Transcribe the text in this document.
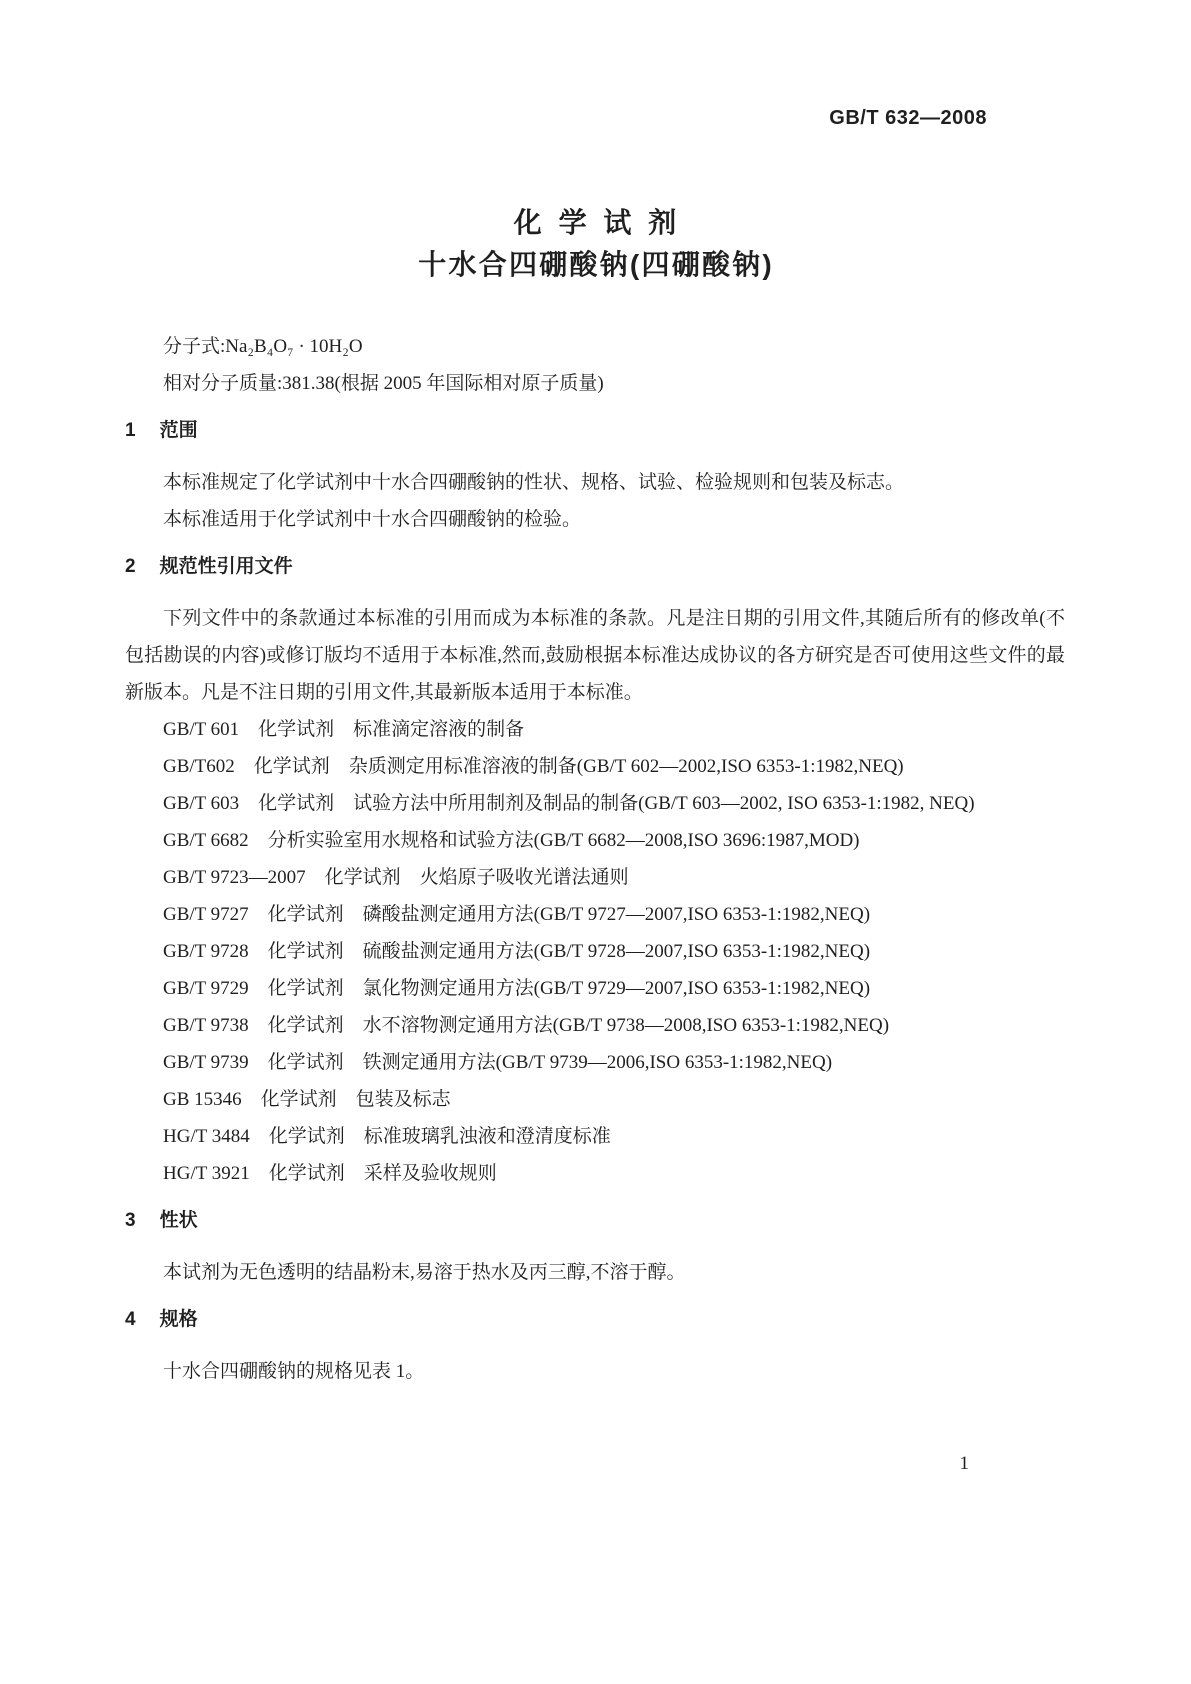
GB/T 632—2008
化学试剂
十水合四硼酸钠(四硼酸钠)

分子式:Na₂B₄O₇ · 10H₂O

相对分子质量:381.38(根据 2005 年国际相对原子质量)

1 范围

本标准规定了化学试剂中十水合四硼酸钠的性状、规格、试验、检验规则和包装及标志。

本标准适用于化学试剂中十水合四硼酸钠的检验。

2 规范性引用文件

下列文件中的条款通过本标准的引用而成为本标准的条款。凡是注日期的引用文件,其随后所有的修改单(不包括勘误的内容)或修订版均不适用于本标准,然而,鼓励根据本标准达成协议的各方研究是否可使用这些文件的最新版本。凡是不注日期的引用文件,其最新版本适用于本标准。

GB/T 601　化学试剂　标准滴定溶液的制备

GB/T602　化学试剂　杂质测定用标准溶液的制备(GB/T 602—2002,ISO 6353-1:1982,NEQ)

GB/T 603　化学试剂　试验方法中所用制剂及制品的制备(GB/T 603—2002, ISO 6353-1:1982, NEQ)

GB/T 6682　分析实验室用水规格和试验方法(GB/T 6682—2008,ISO 3696:1987,MOD)

GB/T 9723—2007　化学试剂　火焰原子吸收光谱法通则

GB/T 9727　化学试剂　磷酸盐测定通用方法(GB/T 9727—2007,ISO 6353-1:1982,NEQ)

GB/T 9728　化学试剂　硫酸盐测定通用方法(GB/T 9728—2007,ISO 6353-1:1982,NEQ)

GB/T 9729　化学试剂　氯化物测定通用方法(GB/T 9729—2007,ISO 6353-1:1982,NEQ)

GB/T 9738　化学试剂　水不溶物测定通用方法(GB/T 9738—2008,ISO 6353-1:1982,NEQ)

GB/T 9739　化学试剂　铁测定通用方法(GB/T 9739—2006,ISO 6353-1:1982,NEQ)

GB 15346　化学试剂　包装及标志

HG/T 3484　化学试剂　标准玻璃乳浊液和澄清度标准

HG/T 3921　化学试剂　采样及验收规则

3 性状

本试剂为无色透明的结晶粉末,易溶于热水及丙三醇,不溶于醇。

4 规格

十水合四硼酸钠的规格见表 1。

1
